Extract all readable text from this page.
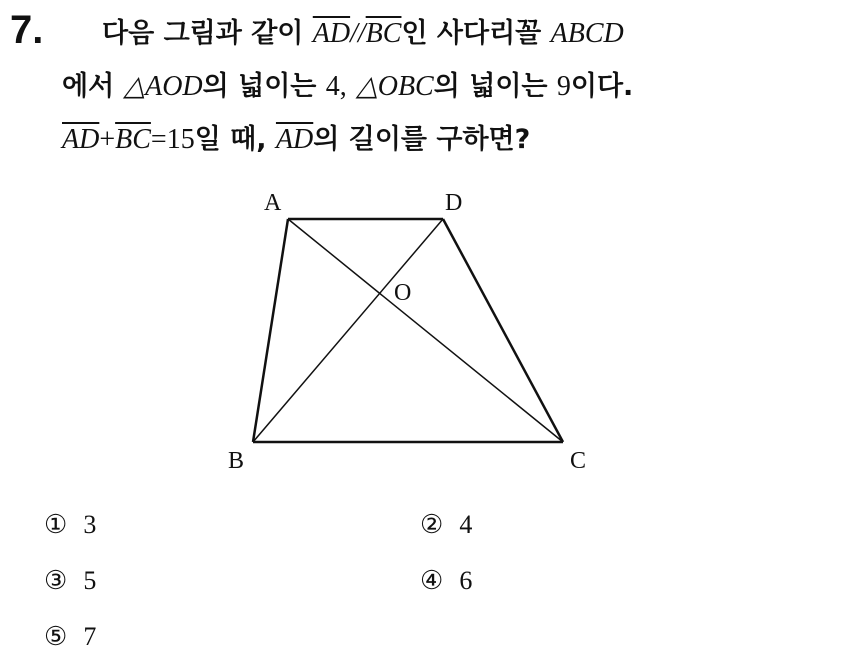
7. 다음 그림과 같이 $\overline{AD}//\overline{BC}$인 사다리꼴 ABCD
에서 △AOD의 넓이는 4, △OBC의 넓이는 9이다.
$\overline{AD}+\overline{BC}=15$일 때, $\overline{AD}$의 길이를 구하면?
A	D
O
B	C
① 3	② 4
③ 5	④ 6
⑤ 7
